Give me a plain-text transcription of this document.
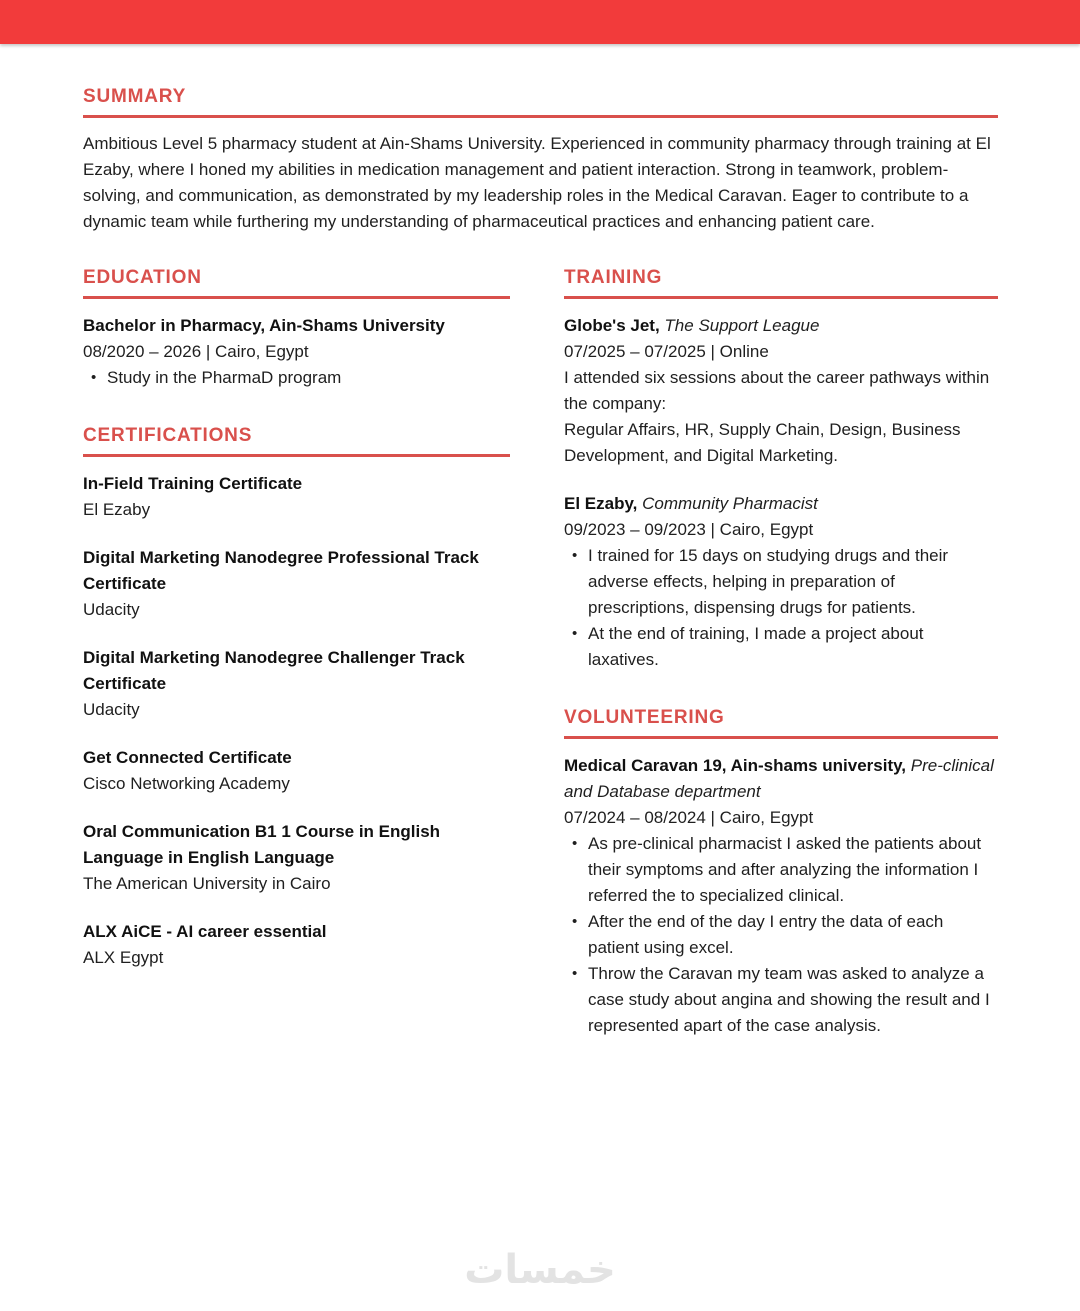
SUMMARY
Ambitious Level 5 pharmacy student at Ain-Shams University. Experienced in community pharmacy through training at El Ezaby, where I honed my abilities in medication management and patient interaction. Strong in teamwork, problem-solving, and communication, as demonstrated by my leadership roles in the Medical Caravan. Eager to contribute to a dynamic team while furthering my understanding of pharmaceutical practices and enhancing patient care.
EDUCATION
Bachelor in Pharmacy, Ain-Shams University
08/2020 – 2026 | Cairo, Egypt
• Study in the PharmaD program
CERTIFICATIONS
In-Field Training Certificate
El Ezaby
Digital Marketing Nanodegree Professional Track Certificate
Udacity
Digital Marketing Nanodegree Challenger Track Certificate
Udacity
Get Connected Certificate
Cisco Networking Academy
Oral Communication B1 1 Course in English Language in English Language
The American University in Cairo
ALX AiCE - AI career essential
ALX Egypt
TRAINING
Globe's Jet, The Support League
07/2025 – 07/2025 | Online
I attended six sessions about the career pathways within the company:
Regular Affairs, HR, Supply Chain, Design, Business Development, and Digital Marketing.
El Ezaby, Community Pharmacist
09/2023 – 09/2023 | Cairo, Egypt
• I trained for 15 days on studying drugs and their adverse effects, helping in preparation of prescriptions, dispensing drugs for patients.
• At the end of training, I made a project about laxatives.
VOLUNTEERING
Medical Caravan 19, Ain-shams university, Pre-clinical and Database department
07/2024 – 08/2024 | Cairo, Egypt
• As pre-clinical pharmacist I asked the patients about their symptoms and after analyzing the information I referred the to specialized clinical.
• After the end of the day I entry the data of each patient using excel.
• Throw the Caravan my team was asked to analyze a case study about angina and showing the result and I represented apart of the case analysis.
خمسات
